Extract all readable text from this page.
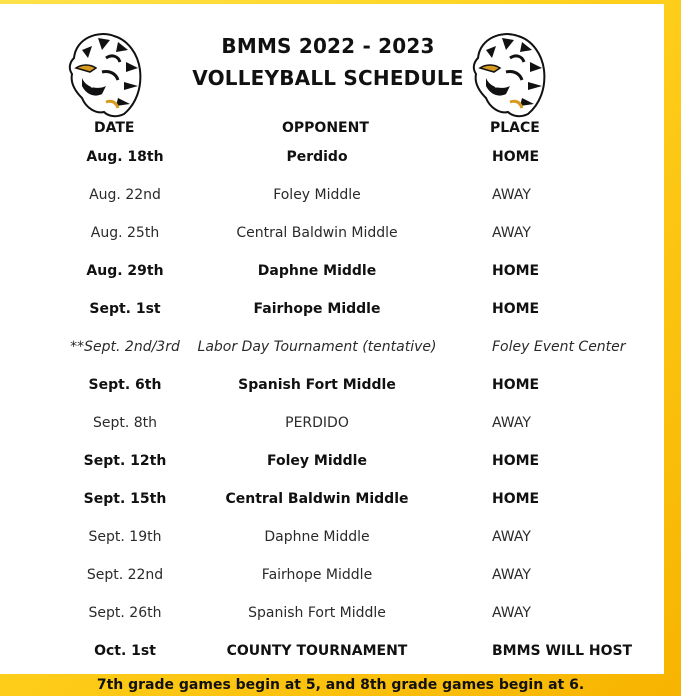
BMMS 2022 - 2023
VOLLEYBALL SCHEDULE
DATE	OPPONENT	PLACE
Aug. 18th	Perdido	HOME
Aug. 22nd	Foley Middle	AWAY
Aug. 25th	Central Baldwin Middle	AWAY
Aug. 29th	Daphne Middle	HOME
Sept. 1st	Fairhope Middle	HOME
**Sept. 2nd/3rd	Labor Day Tournament (tentative)	Foley Event Center
Sept. 6th	Spanish Fort Middle	HOME
Sept. 8th	PERDIDO	AWAY
Sept. 12th	Foley Middle	HOME
Sept. 15th	Central Baldwin Middle	HOME
Sept. 19th	Daphne Middle	AWAY
Sept. 22nd	Fairhope Middle	AWAY
Sept. 26th	Spanish Fort Middle	AWAY
Oct. 1st	COUNTY TOURNAMENT	BMMS WILL HOST
7th grade games begin at 5, and 8th grade games begin at 6.
